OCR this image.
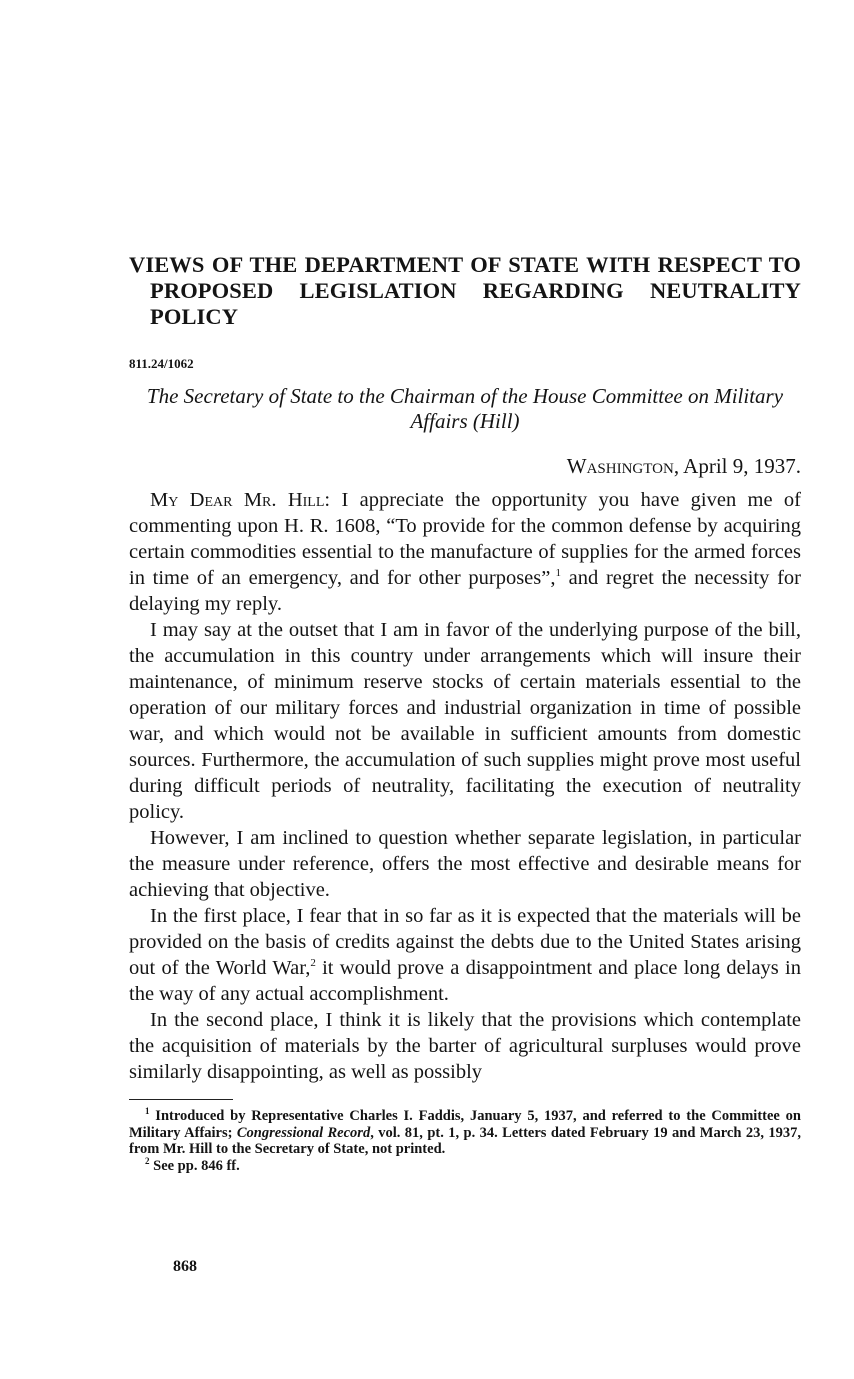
VIEWS OF THE DEPARTMENT OF STATE WITH RESPECT TO PROPOSED LEGISLATION REGARDING NEUTRALITY POLICY
811.24/1062
The Secretary of State to the Chairman of the House Committee on Military Affairs (Hill)
Washington, April 9, 1937.

My Dear Mr. Hill: I appreciate the opportunity you have given me of commenting upon H. R. 1608, “To provide for the common defense by acquiring certain commodities essential to the manufacture of supplies for the armed forces in time of an emergency, and for other purposes”,$^1$ and regret the necessity for delaying my reply.

I may say at the outset that I am in favor of the underlying purpose of the bill, the accumulation in this country under arrangements which will insure their maintenance, of minimum reserve stocks of certain materials essential to the operation of our military forces and industrial organization in time of possible war, and which would not be available in sufficient amounts from domestic sources. Furthermore, the accumulation of such supplies might prove most useful during difficult periods of neutrality, facilitating the execution of neutrality policy.

However, I am inclined to question whether separate legislation, in particular the measure under reference, offers the most effective and desirable means for achieving that objective.

In the first place, I fear that in so far as it is expected that the materials will be provided on the basis of credits against the debts due to the United States arising out of the World War,$^2$ it would prove a disappointment and place long delays in the way of any actual accomplishment.

In the second place, I think it is likely that the provisions which contemplate the acquisition of materials by the barter of agricultural surpluses would prove similarly disappointing, as well as possibly

$^1$ Introduced by Representative Charles I. Faddis, January 5, 1937, and referred to the Committee on Military Affairs; Congressional Record, vol. 81, pt. 1, p. 34. Letters dated February 19 and March 23, 1937, from Mr. Hill to the Secretary of State, not printed.

$^2$ See pp. 846 ff.

868
